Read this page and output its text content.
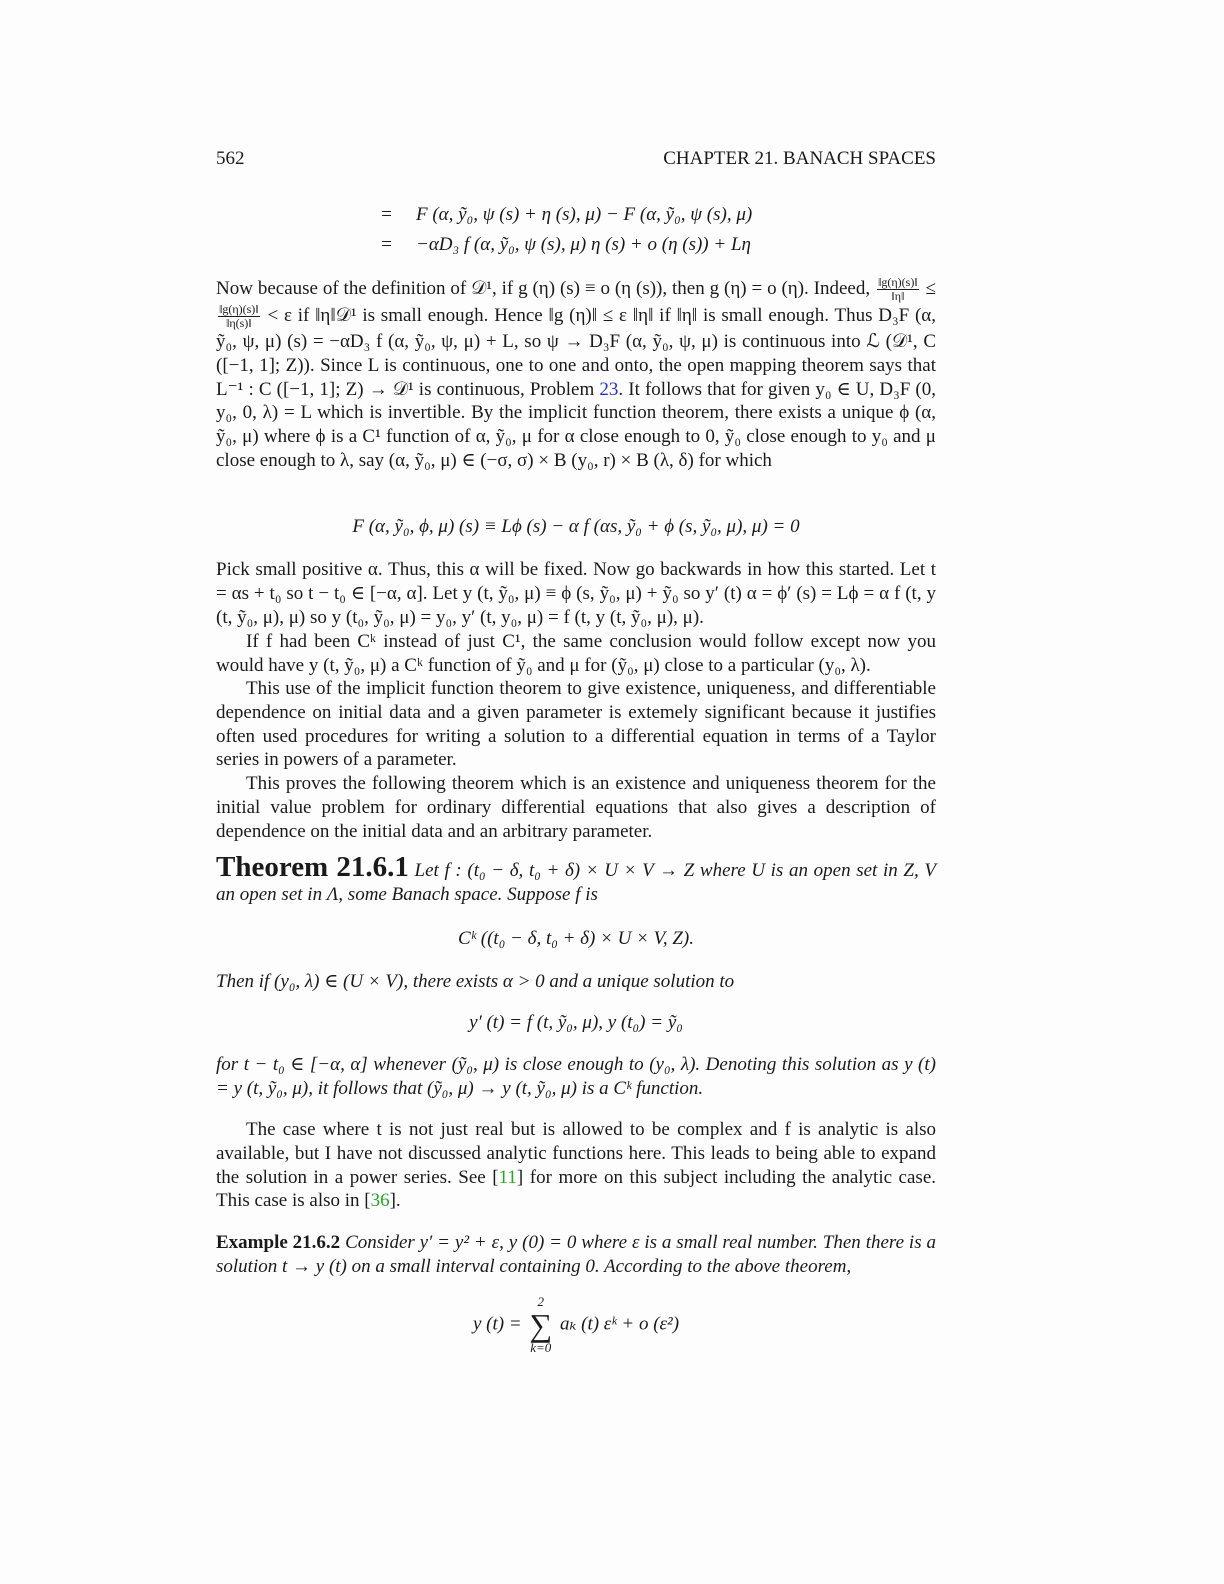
562	CHAPTER 21. BANACH SPACES
= F (α, ỹ₀, ψ (s) + η (s), μ) − F (α, ỹ₀, ψ (s), μ)
= −αD₃ f (α, ỹ₀, ψ (s), μ) η (s) + o (η (s)) + Lη
Now because of the definition of 𝒟¹, if g (η) (s) ≡ o (η (s)), then g (η) = o (η). Indeed, $\frac{‖g(\eta)(s)‖}{‖\eta‖}$ ≤
$\frac{‖g(\eta)(s)‖}{‖\eta(s)‖} < \varepsilon$ if ‖η‖𝒟¹ is small enough. Hence ‖g (η)‖ ≤ ε ‖η‖ if ‖η‖ is small enough. Thus D₃F (α, ỹ₀, ψ, μ) (s) = −αD₃ f (α, ỹ₀, ψ, μ) + L, so ψ → D₃F (α, ỹ₀, ψ, μ) is continuous into ℒ (𝒟¹, C ([−1, 1]; Z)). Since L is continuous, one to one and onto, the open mapping theorem says that L⁻¹ : C ([−1, 1]; Z) → 𝒟¹ is continuous, Problem 23. It follows that for given y₀ ∈ U, D₃F (0, y₀, 0, λ) = L which is invertible. By the implicit function theorem, there exists a unique ϕ (α, ỹ₀, μ) where ϕ is a C¹ function of α, ỹ₀, μ for α close enough to 0, ỹ₀ close enough to y₀ and μ close enough to λ, say (α, ỹ₀, μ) ∈ (−σ, σ) × B (y₀, r) × B (λ, δ) for which
F (α, ỹ₀, ϕ, μ) (s) ≡ Lϕ (s) − α f (αs, ỹ₀ + ϕ (s, ỹ₀, μ), μ) = 0
Pick small positive α. Thus, this α will be fixed. Now go backwards in how this started. Let t = αs + t₀ so t − t₀ ∈ [−α, α]. Let y (t, ỹ₀, μ) ≡ ϕ (s, ỹ₀, μ) + ỹ₀ so y′ (t) α = ϕ′ (s) = Lϕ = α f (t, y (t, ỹ₀, μ), μ) so y (t₀, ỹ₀, μ) = y₀, y′ (t, y₀, μ) = f (t, y (t, ỹ₀, μ), μ).
If f had been Cᵏ instead of just C¹, the same conclusion would follow except now you would have y (t, ỹ₀, μ) a Cᵏ function of ỹ₀ and μ for (ỹ₀, μ) close to a particular (y₀, λ).
This use of the implicit function theorem to give existence, uniqueness, and differentiable dependence on initial data and a given parameter is extemely significant because it justifies often used procedures for writing a solution to a differential equation in terms of a Taylor series in powers of a parameter.
This proves the following theorem which is an existence and uniqueness theorem for the initial value problem for ordinary differential equations that also gives a description of dependence on the initial data and an arbitrary parameter.
Theorem 21.6.1 Let f : (t₀ − δ, t₀ + δ) × U × V → Z where U is an open set in Z, V an open set in Λ, some Banach space. Suppose f is
Cᵏ ((t₀ − δ, t₀ + δ) × U × V, Z).
Then if (y₀, λ) ∈ (U × V), there exists α > 0 and a unique solution to
y′ (t) = f (t, ỹ₀, μ), y (t₀) = ỹ₀
for t − t₀ ∈ [−α, α] whenever (ỹ₀, μ) is close enough to (y₀, λ). Denoting this solution as y (t) = y (t, ỹ₀, μ), it follows that (ỹ₀, μ) → y (t, ỹ₀, μ) is a Cᵏ function.
The case where t is not just real but is allowed to be complex and f is analytic is also available, but I have not discussed analytic functions here. This leads to being able to expand the solution in a power series. See [11] for more on this subject including the analytic case. This case is also in [36].
Example 21.6.2 Consider y′ = y² + ε, y (0) = 0 where ε is a small real number. Then there is a solution t → y (t) on a small interval containing 0. According to the above theorem,
y (t) =
2
∑
k=0
aₖ (t) εᵏ + o (ε²)
